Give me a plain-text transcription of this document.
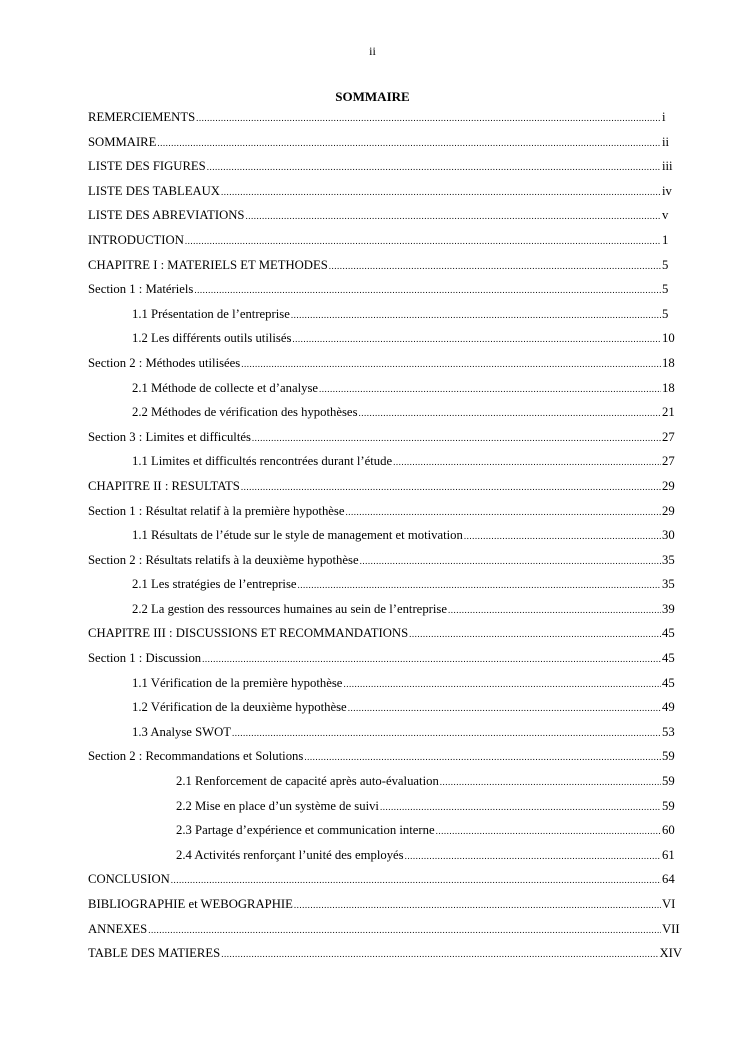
ii
SOMMAIRE
REMERCIEMENTS .....	i
SOMMAIRE .....	ii
LISTE DES FIGURES .....	iii
LISTE DES TABLEAUX .....	iv
LISTE DES ABREVIATIONS .....	v
INTRODUCTION .....	1
CHAPITRE I : MATERIELS ET METHODES .....	5
Section 1 : Matériels .....	5
1.1 Présentation de l’entreprise .....	5
1.2 Les différents outils utilisés .....	10
Section 2 : Méthodes utilisées .....	18
2.1 Méthode de collecte et d’analyse .....	18
2.2 Méthodes de vérification des hypothèses .....	21
Section 3 : Limites et difficultés .....	27
1.1 Limites et difficultés rencontrées durant l’étude .....	27
CHAPITRE II : RESULTATS .....	29
Section 1 : Résultat relatif à la première hypothèse .....	29
1.1 Résultats de l’étude sur le style de management et motivation .....	30
Section 2 : Résultats relatifs à la deuxième hypothèse .....	35
2.1 Les stratégies de l’entreprise .....	35
2.2 La gestion des ressources humaines au sein de l’entreprise .....	39
CHAPITRE III : DISCUSSIONS ET RECOMMANDATIONS .....	45
Section 1 : Discussion .....	45
1.1 Vérification de la première hypothèse .....	45
1.2 Vérification de la deuxième hypothèse .....	49
1.3 Analyse SWOT .....	53
Section 2 : Recommandations et Solutions .....	59
2.1 Renforcement de capacité après auto-évaluation .....	59
2.2 Mise en place d’un système de suivi .....	59
2.3 Partage d’expérience et communication interne .....	60
2.4 Activités renforçant l’unité des employés .....	61
CONCLUSION .....	64
BIBLIOGRAPHIE et WEBOGRAPHIE .....	VI
ANNEXES .....	VII
TABLE DES MATIERES .....	XIV
